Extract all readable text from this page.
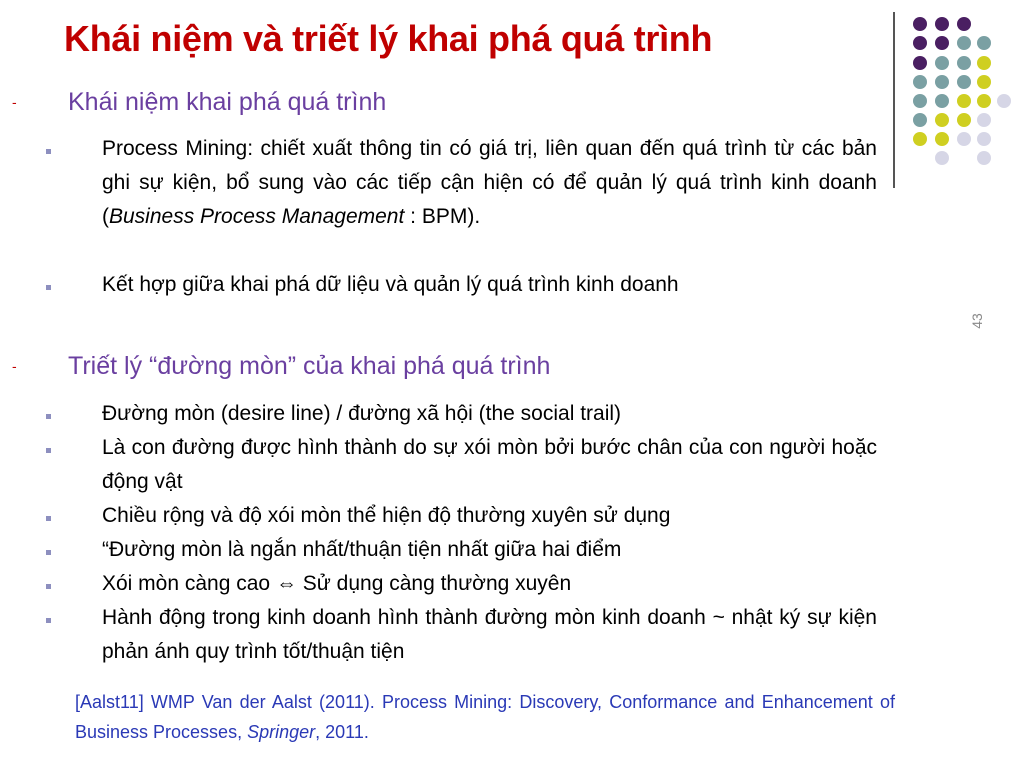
Khái niệm và triết lý khai phá quá trình
43
- Khái niệm khai phá quá trình

Process Mining: chiết xuất thông tin có giá trị, liên quan đến quá trình từ các bản ghi sự kiện, bổ sung vào các tiếp cận hiện có để quản lý quá trình kinh doanh (Business Process Management : BPM).

Kết hợp giữa khai phá dữ liệu và quản lý quá trình kinh doanh

- Triết lý “đường mòn” của khai phá quá trình

Đường mòn (desire line) / đường xã hội (the social trail)

Là con đường được hình thành do sự xói mòn bởi bước chân của con người hoặc động vật

Chiều rộng và độ xói mòn thể hiện độ thường xuyên sử dụng

“Đường mòn là ngắn nhất/thuận tiện nhất giữa hai điểm

Xói mòn càng cao ⇔ Sử dụng càng thường xuyên

Hành động trong kinh doanh hình thành đường mòn kinh doanh ~ nhật ký sự kiện phản ánh quy trình tốt/thuận tiện

[Aalst11] WMP Van der Aalst (2011). Process Mining: Discovery, Conformance and Enhancement of Business Processes, Springer, 2011.
